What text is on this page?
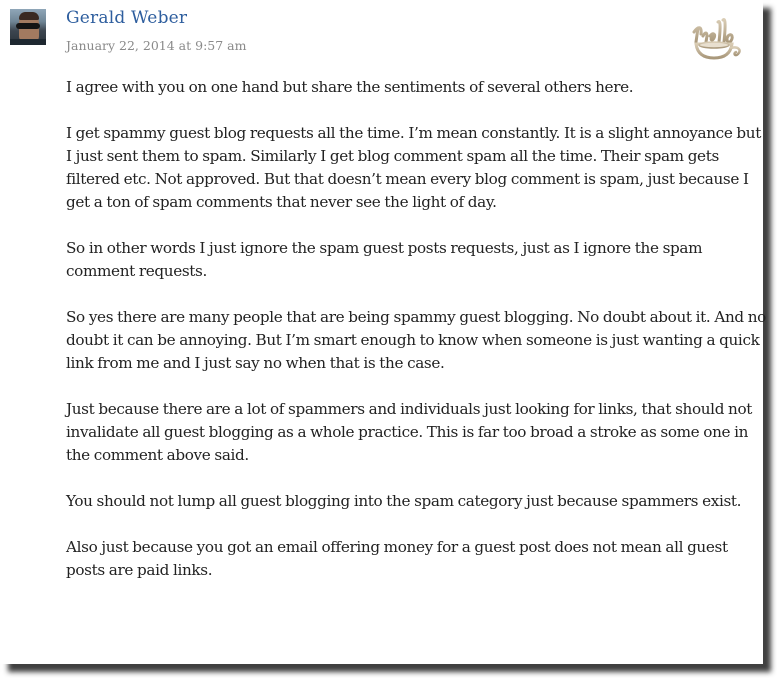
Gerald Weber
January 22, 2014 at 9:57 am

I agree with you on one hand but share the sentiments of several others here.

I get spammy guest blog requests all the time. I’m mean constantly. It is a slight annoyance but I just sent them to spam. Similarly I get blog comment spam all the time. Their spam gets filtered etc. Not approved. But that doesn’t mean every blog comment is spam, just because I get a ton of spam comments that never see the light of day.

So in other words I just ignore the spam guest posts requests, just as I ignore the spam comment requests.

So yes there are many people that are being spammy guest blogging. No doubt about it. And no doubt it can be annoying. But I’m smart enough to know when someone is just wanting a quick link from me and I just say no when that is the case.

Just because there are a lot of spammers and individuals just looking for links, that should not invalidate all guest blogging as a whole practice. This is far too broad a stroke as some one in the comment above said.

You should not lump all guest blogging into the spam category just because spammers exist.

Also just because you got an email offering money for a guest post does not mean all guest posts are paid links.
